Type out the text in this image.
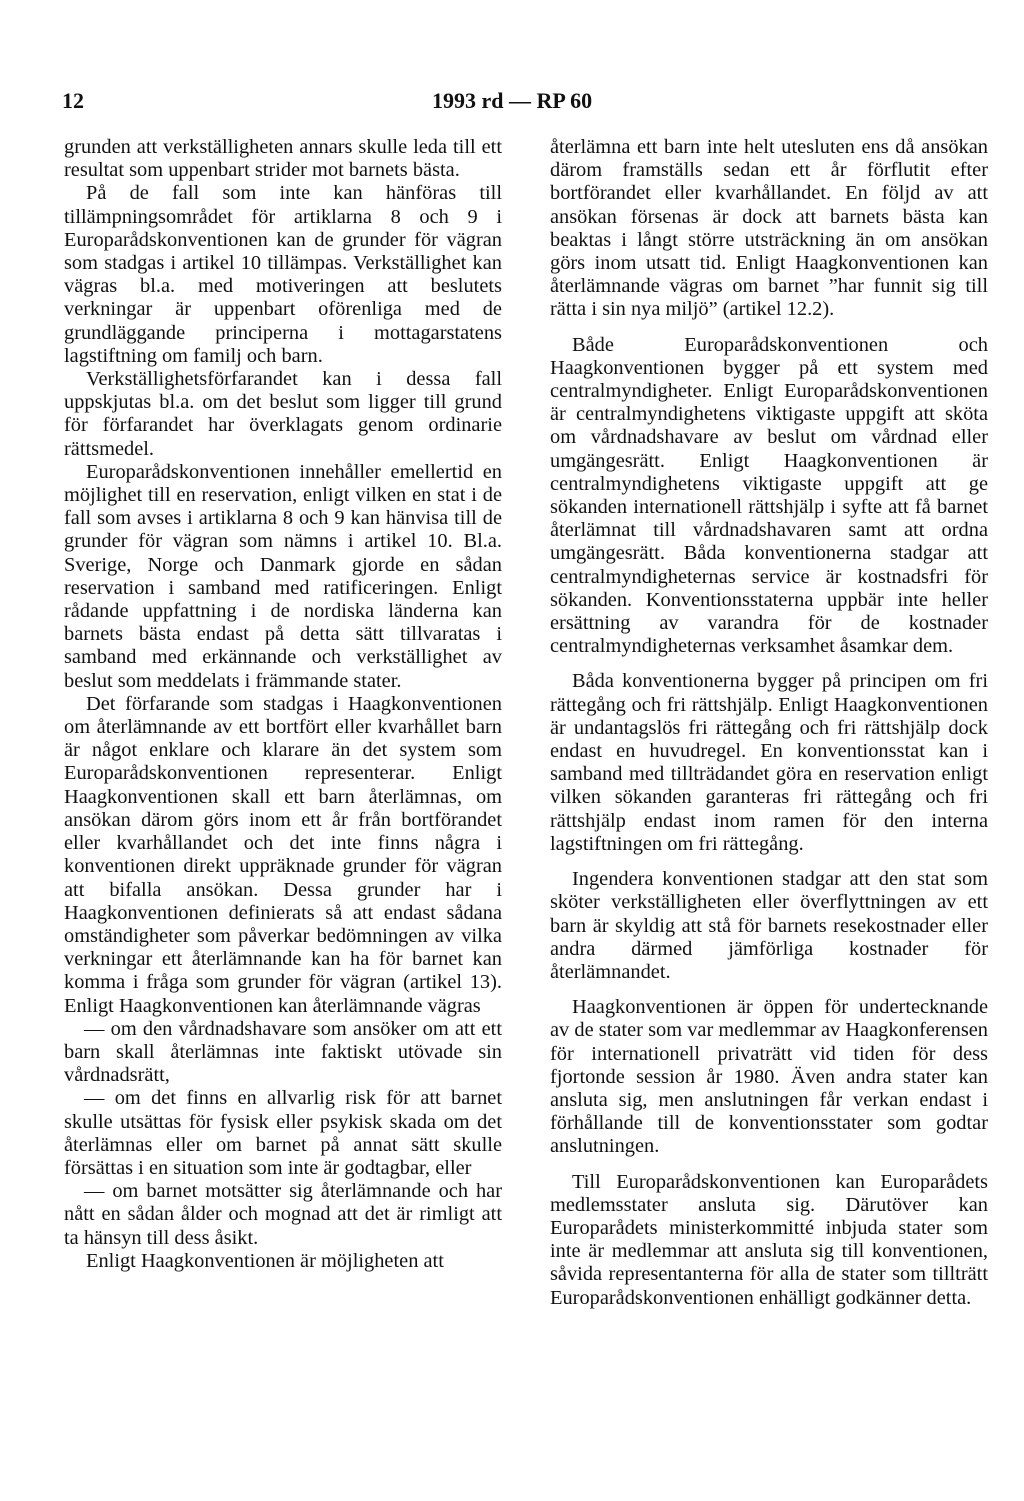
12	1993 rd — RP 60

grunden att verkställigheten annars skulle leda till ett resultat som uppenbart strider mot barnets bästa.

På de fall som inte kan hänföras till tillämpningsområdet för artiklarna 8 och 9 i Europarådskonventionen kan de grunder för vägran som stadgas i artikel 10 tillämpas. Verkställighet kan vägras bl.a. med motiveringen att beslutets verkningar är uppenbart oförenliga med de grundläggande principerna i mottagarstatens lagstiftning om familj och barn.

Verkställighetsförfarandet kan i dessa fall uppskjutas bl.a. om det beslut som ligger till grund för förfarandet har överklagats genom ordinarie rättsmedel.

Europarådskonventionen innehåller emellertid en möjlighet till en reservation, enligt vilken en stat i de fall som avses i artiklarna 8 och 9 kan hänvisa till de grunder för vägran som nämns i artikel 10. Bl.a. Sverige, Norge och Danmark gjorde en sådan reservation i samband med ratificeringen. Enligt rådande uppfattning i de nordiska länderna kan barnets bästa endast på detta sätt tillvaratas i samband med erkännande och verkställighet av beslut som meddelats i främmande stater.

Det förfarande som stadgas i Haagkonventionen om återlämnande av ett bortfört eller kvarhållet barn är något enklare och klarare än det system som Europarådskonventionen representerar. Enligt Haagkonventionen skall ett barn återlämnas, om ansökan därom görs inom ett år från bortförandet eller kvarhållandet och det inte finns några i konventionen direkt uppräknade grunder för vägran att bifalla ansökan. Dessa grunder har i Haagkonventionen definierats så att endast sådana omständigheter som påverkar bedömningen av vilka verkningar ett återlämnande kan ha för barnet kan komma i fråga som grunder för vägran (artikel 13). Enligt Haagkonventionen kan återlämnande vägras

— om den vårdnadshavare som ansöker om att ett barn skall återlämnas inte faktiskt utövade sin vårdnadsrätt,

— om det finns en allvarlig risk för att barnet skulle utsättas för fysisk eller psykisk skada om det återlämnas eller om barnet på annat sätt skulle försättas i en situation som inte är godtagbar, eller

— om barnet motsätter sig återlämnande och har nått en sådan ålder och mognad att det är rimligt att ta hänsyn till dess åsikt.

Enligt Haagkonventionen är möjligheten att

återlämna ett barn inte helt utesluten ens då ansökan därom framställs sedan ett år förflutit efter bortförandet eller kvarhållandet. En följd av att ansökan försenas är dock att barnets bästa kan beaktas i långt större utsträckning än om ansökan görs inom utsatt tid. Enligt Haagkonventionen kan återlämnande vägras om barnet ”har funnit sig till rätta i sin nya miljö” (artikel 12.2).

Både Europarådskonventionen och Haagkonventionen bygger på ett system med centralmyndigheter. Enligt Europarådskonventionen är centralmyndighetens viktigaste uppgift att sköta om vårdnadshavare av beslut om vårdnad eller umgängesrätt. Enligt Haagkonventionen är centralmyndighetens viktigaste uppgift att ge sökanden internationell rättshjälp i syfte att få barnet återlämnat till vårdnadshavaren samt att ordna umgängesrätt. Båda konventionerna stadgar att centralmyndigheternas service är kostnadsfri för sökanden. Konventionsstaterna uppbär inte heller ersättning av varandra för de kostnader centralmyndigheternas verksamhet åsamkar dem.

Båda konventionerna bygger på principen om fri rättegång och fri rättshjälp. Enligt Haagkonventionen är undantagslös fri rättegång och fri rättshjälp dock endast en huvudregel. En konventionsstat kan i samband med tillträdandet göra en reservation enligt vilken sökanden garanteras fri rättegång och fri rättshjälp endast inom ramen för den interna lagstiftningen om fri rättegång.

Ingendera konventionen stadgar att den stat som sköter verkställigheten eller överflyttningen av ett barn är skyldig att stå för barnets resekostnader eller andra därmed jämförliga kostnader för återlämnandet.

Haagkonventionen är öppen för undertecknande av de stater som var medlemmar av Haagkonferensen för internationell privaträtt vid tiden för dess fjortonde session år 1980. Även andra stater kan ansluta sig, men anslutningen får verkan endast i förhållande till de konventionsstater som godtar anslutningen.

Till Europarådskonventionen kan Europarådets medlemsstater ansluta sig. Därutöver kan Europarådets ministerkommitté inbjuda stater som inte är medlemmar att ansluta sig till konventionen, såvida representanterna för alla de stater som tillträtt Europarådskonventionen enhälligt godkänner detta.
